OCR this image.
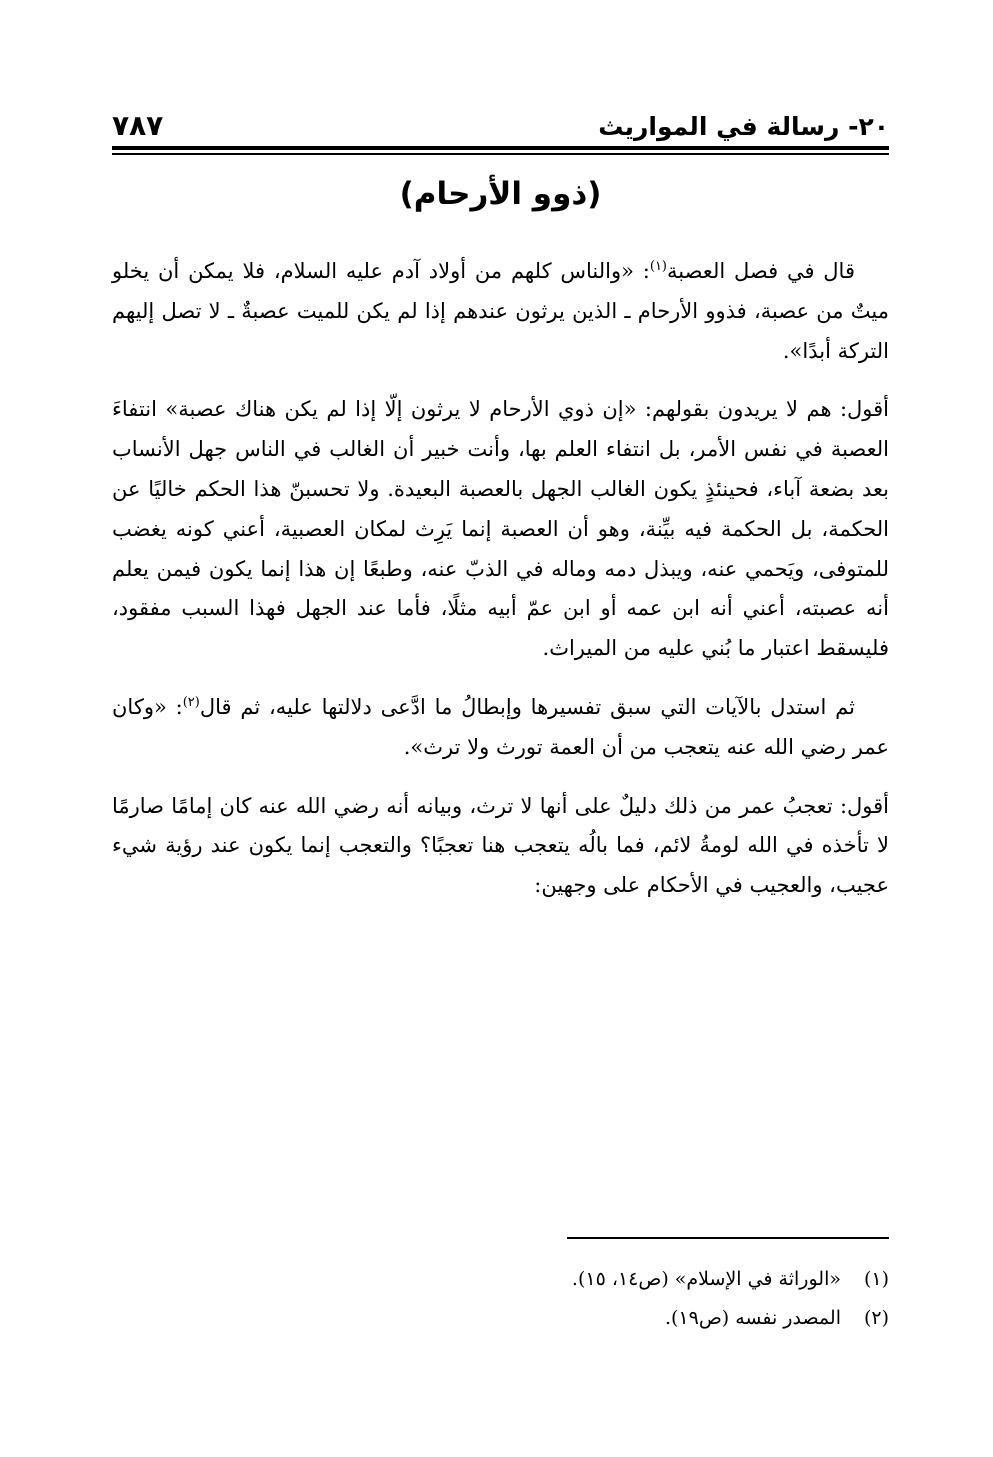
٢٠- رسالة في المواريث
٧٨٧
(ذوو الأرحام)

قال في فصل العصبة$^{(١)}$: «والناس كلهم من أولاد آدم عليه السلام، فلا يمكن أن يخلو ميتٌ من عصبة، فذوو الأرحام ـ الذين يرثون عندهم إذا لم يكن للميت عصبةٌ ـ لا تصل إليهم التركة أبدًا».

أقول: هم لا يريدون بقولهم: «إن ذوي الأرحام لا يرثون إلّا إذا لم يكن هناك عصبة» انتفاءَ العصبة في نفس الأمر، بل انتفاء العلم بها، وأنت خبير أن الغالب في الناس جهل الأنساب بعد بضعة آباء، فحينئذٍ يكون الغالب الجهل بالعصبة البعيدة. ولا تحسبنّ هذا الحكم خاليًا عن الحكمة، بل الحكمة فيه بيِّنة، وهو أن العصبة إنما يَرِث لمكان العصبية، أعني كونه يغضب للمتوفى، ويَحمي عنه، ويبذل دمه وماله في الذبّ عنه، وطبعًا إن هذا إنما يكون فيمن يعلم أنه عصبته، أعني أنه ابن عمه أو ابن عمّ أبيه مثلًا، فأما عند الجهل فهذا السبب مفقود، فليسقط اعتبار ما بُني عليه من الميراث.

ثم استدل بالآيات التي سبق تفسيرها وإبطالُ ما ادَّعى دلالتها عليه، ثم قال$^{(٢)}$: «وكان عمر رضي الله عنه يتعجب من أن العمة تورث ولا ترث».

أقول: تعجبُ عمر من ذلك دليلٌ على أنها لا ترث، وبيانه أنه رضي الله عنه كان إمامًا صارمًا لا تأخذه في الله لومةُ لائم، فما بالُه يتعجب هنا تعجبًا؟ والتعجب إنما يكون عند رؤية شيء عجيب، والعجيب في الأحكام على وجهين:

(١)«الوراثة في الإسلام» (ص١٤، ١٥).
(٢)المصدر نفسه (ص١٩).
